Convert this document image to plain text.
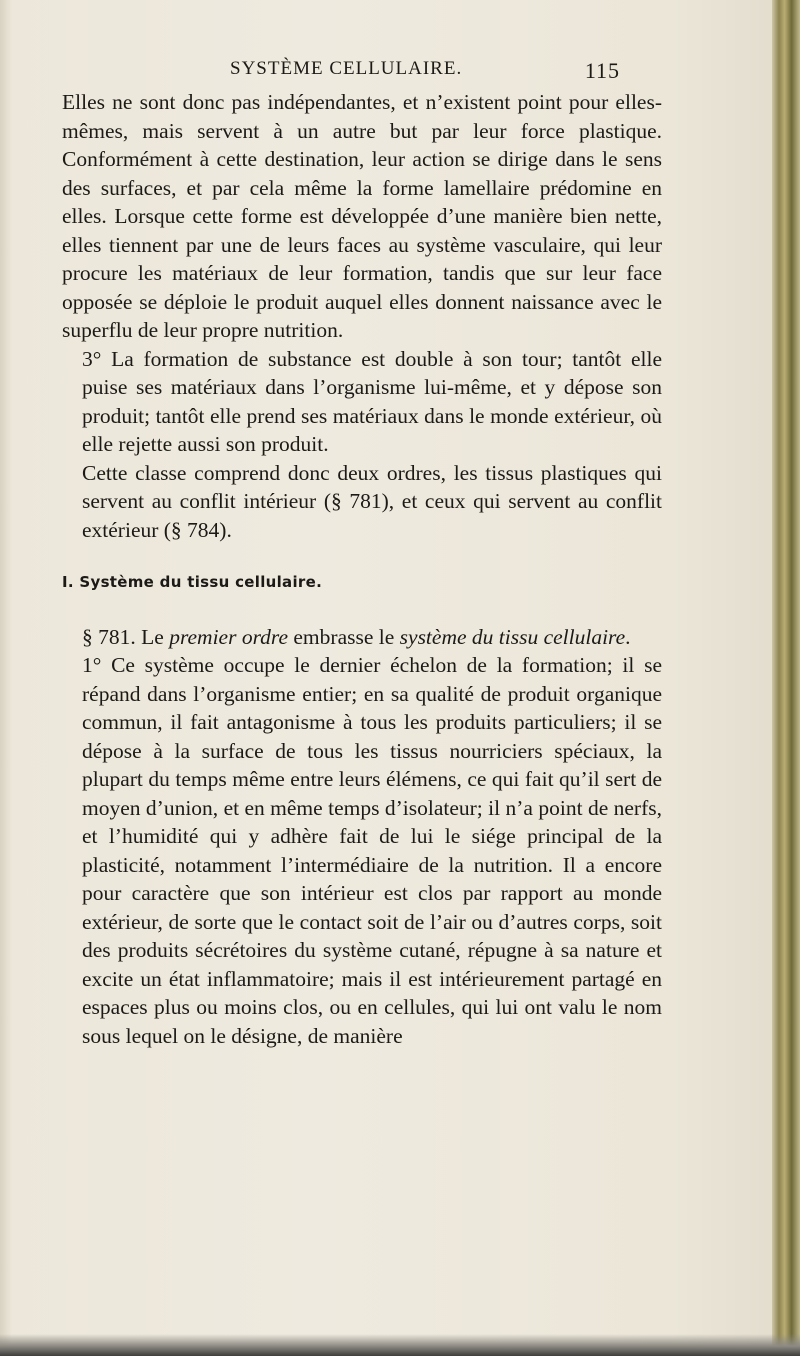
SYSTÈME CELLULAIRE.	115

Elles ne sont donc pas indépendantes, et n’existent point pour elles-mêmes, mais servent à un autre but par leur force plastique. Conformément à cette destination, leur action se dirige dans le sens des surfaces, et par cela même la forme lamellaire prédomine en elles. Lorsque cette forme est développée d’une manière bien nette, elles tiennent par une de leurs faces au système vasculaire, qui leur procure les matériaux de leur formation, tandis que sur leur face opposée se déploie le produit auquel elles donnent naissance avec le superflu de leur propre nutrition.

3° La formation de substance est double à son tour; tantôt elle puise ses matériaux dans l’organisme lui-même, et y dépose son produit; tantôt elle prend ses matériaux dans le monde extérieur, où elle rejette aussi son produit.

Cette classe comprend donc deux ordres, les tissus plastiques qui servent au conflit intérieur (§ 781), et ceux qui servent au conflit extérieur (§ 784).

I. Système du tissu cellulaire.

§ 781. Le premier ordre embrasse le système du tissu cellulaire.

1° Ce système occupe le dernier échelon de la formation; il se répand dans l’organisme entier; en sa qualité de produit organique commun, il fait antagonisme à tous les produits particuliers; il se dépose à la surface de tous les tissus nourriciers spéciaux, la plupart du temps même entre leurs élémens, ce qui fait qu’il sert de moyen d’union, et en même temps d’isolateur; il n’a point de nerfs, et l’humidité qui y adhère fait de lui le siége principal de la plasticité, notamment l’intermédiaire de la nutrition. Il a encore pour caractère que son intérieur est clos par rapport au monde extérieur, de sorte que le contact soit de l’air ou d’autres corps, soit des produits sécrétoires du système cutané, répugne à sa nature et excite un état inflammatoire; mais il est intérieurement partagé en espaces plus ou moins clos, ou en cellules, qui lui ont valu le nom sous lequel on le désigne, de manière
